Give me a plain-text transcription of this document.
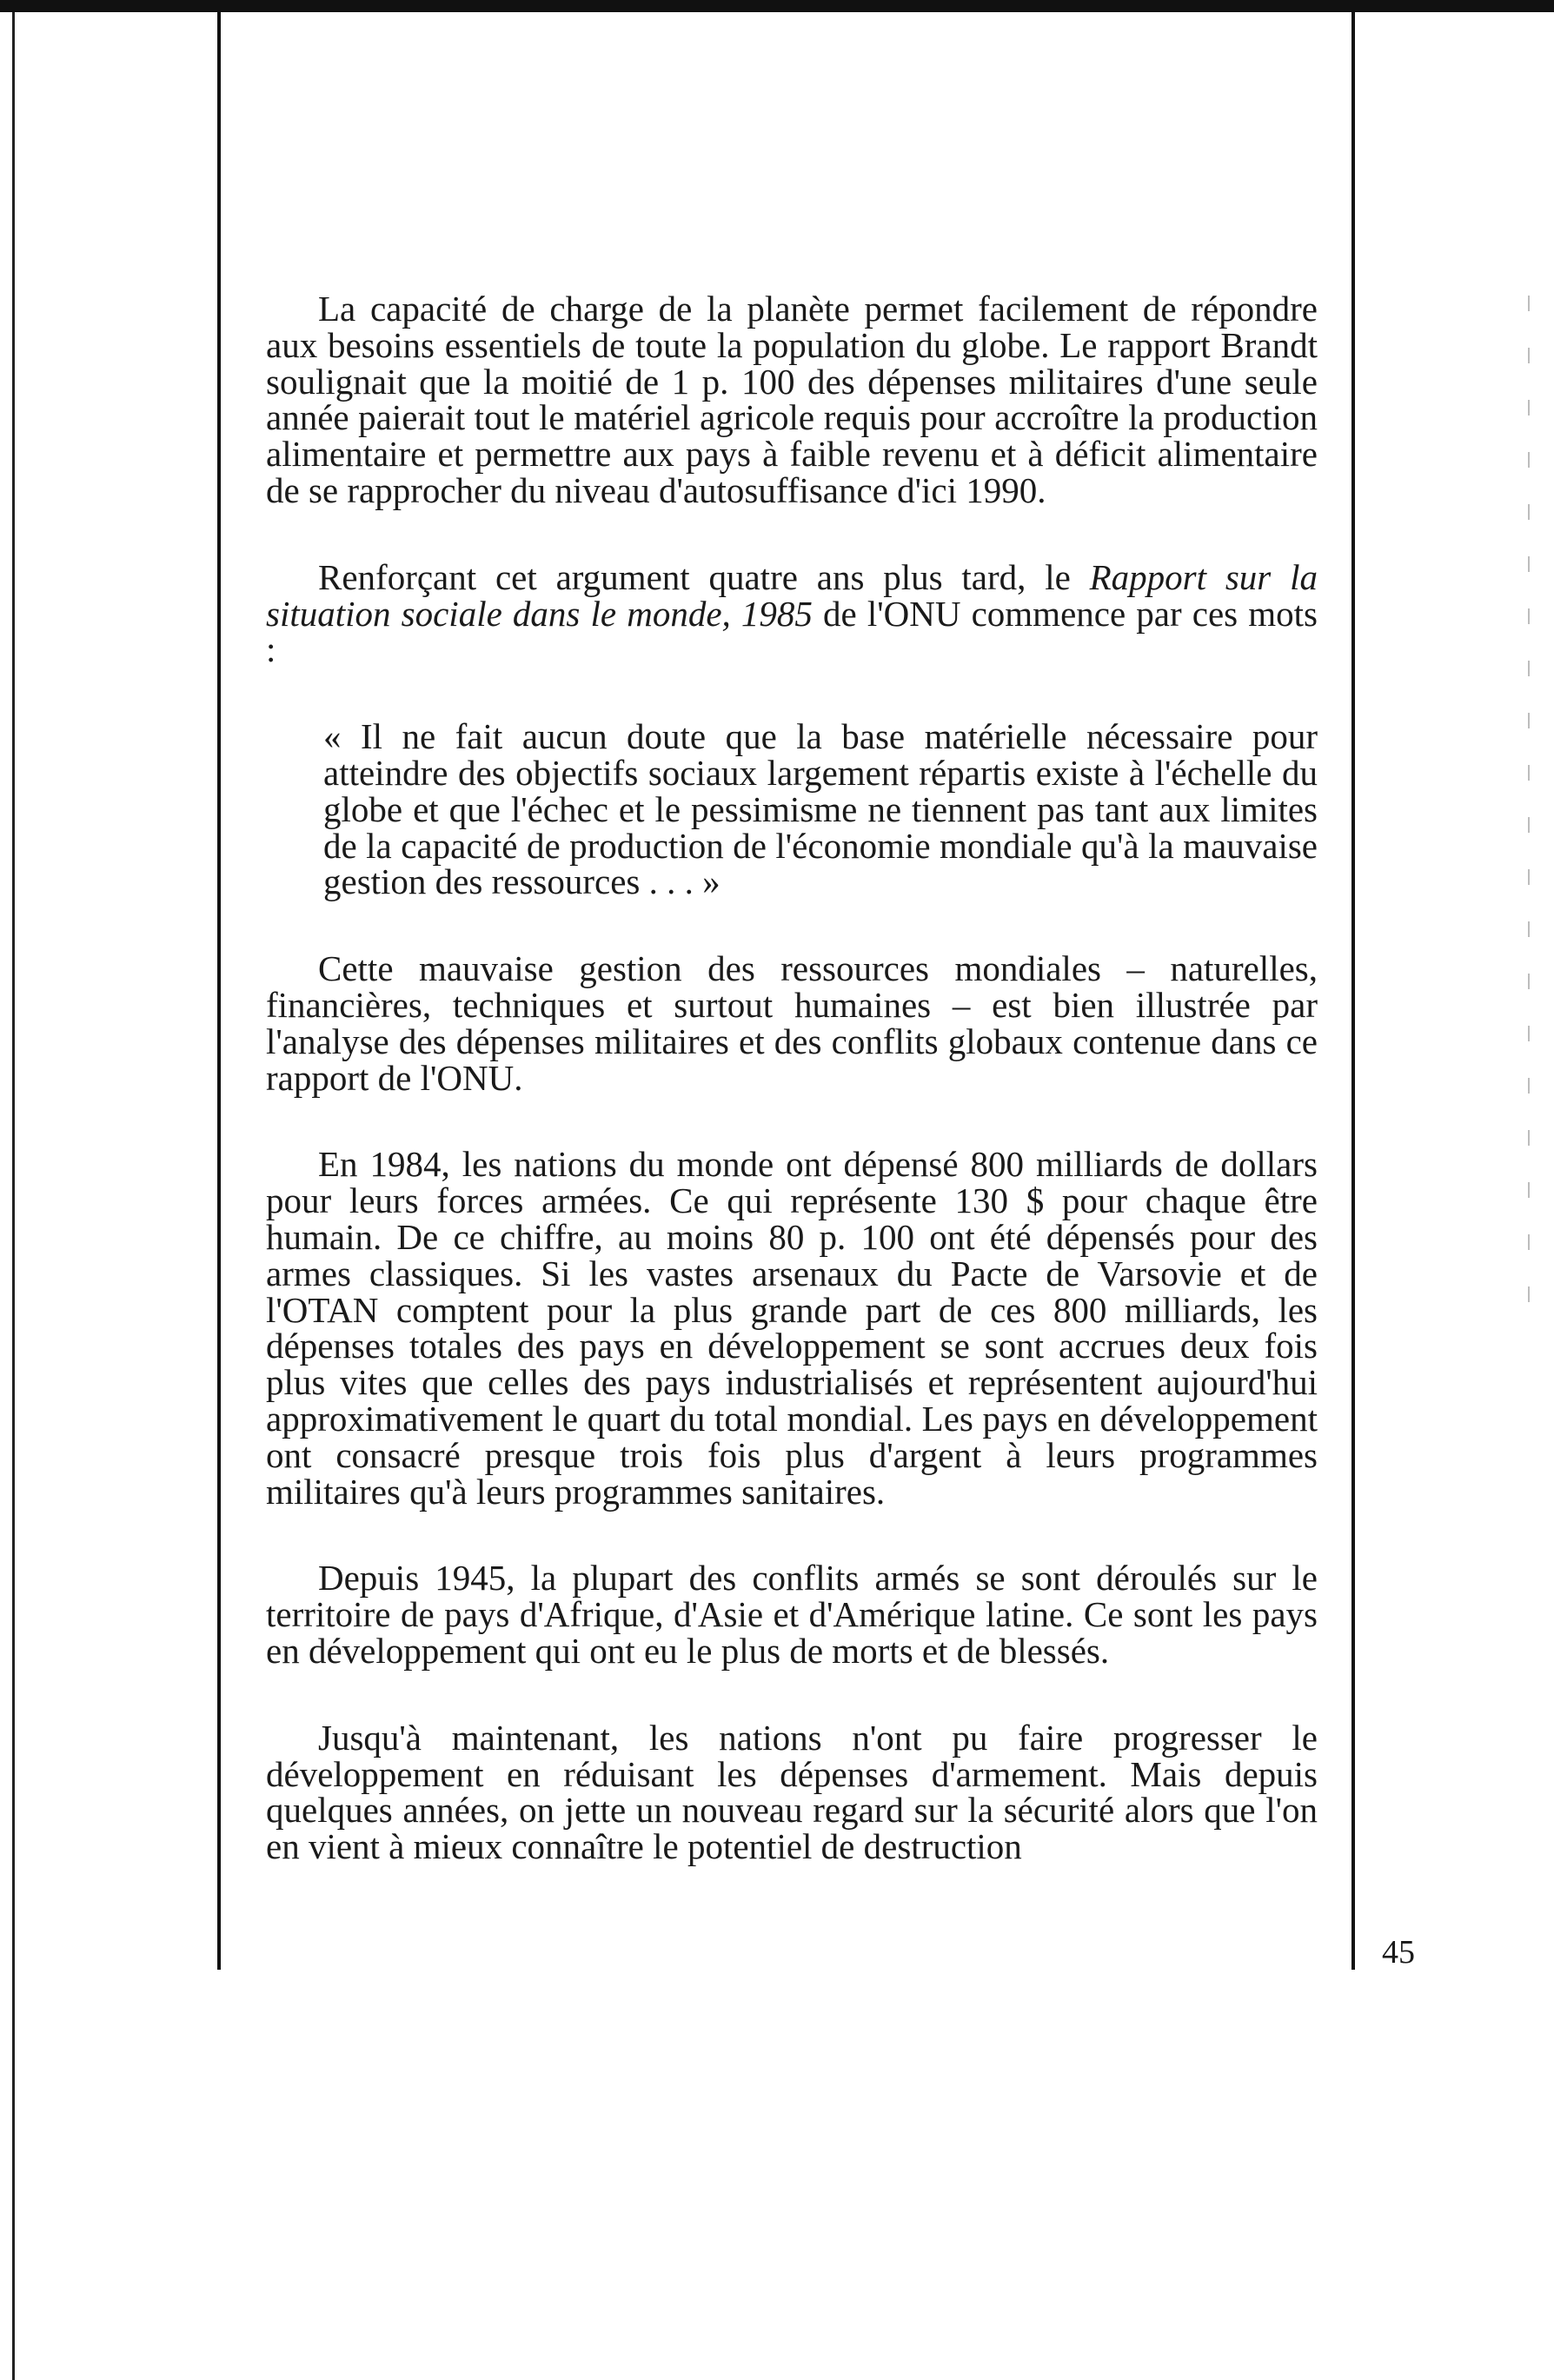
La capacité de charge de la planète permet facilement de répondre aux besoins essentiels de toute la population du globe. Le rapport Brandt soulignait que la moitié de 1 p. 100 des dépenses militaires d'une seule année paierait tout le matériel agricole requis pour accroître la production alimentaire et permettre aux pays à faible revenu et à déficit alimentaire de se rapprocher du niveau d'autosuffisance d'ici 1990.

Renforçant cet argument quatre ans plus tard, le Rapport sur la situation sociale dans le monde, 1985 de l'ONU commence par ces mots :

« Il ne fait aucun doute que la base matérielle nécessaire pour atteindre des objectifs sociaux largement répartis existe à l'échelle du globe et que l'échec et le pessimisme ne tiennent pas tant aux limites de la capacité de production de l'économie mondiale qu'à la mauvaise gestion des ressources . . . »

Cette mauvaise gestion des ressources mondiales – naturelles, financières, techniques et surtout humaines – est bien illustrée par l'analyse des dépenses militaires et des conflits globaux contenue dans ce rapport de l'ONU.

En 1984, les nations du monde ont dépensé 800 milliards de dollars pour leurs forces armées. Ce qui représente 130 $ pour chaque être humain. De ce chiffre, au moins 80 p. 100 ont été dépensés pour des armes classiques. Si les vastes arsenaux du Pacte de Varsovie et de l'OTAN comptent pour la plus grande part de ces 800 milliards, les dépenses totales des pays en développement se sont accrues deux fois plus vites que celles des pays industrialisés et représentent aujourd'hui approximativement le quart du total mondial. Les pays en développement ont consacré presque trois fois plus d'argent à leurs programmes militaires qu'à leurs programmes sanitaires.

Depuis 1945, la plupart des conflits armés se sont déroulés sur le territoire de pays d'Afrique, d'Asie et d'Amérique latine. Ce sont les pays en développement qui ont eu le plus de morts et de blessés.

Jusqu'à maintenant, les nations n'ont pu faire progresser le développement en réduisant les dépenses d'armement. Mais depuis quelques années, on jette un nouveau regard sur la sécurité alors que l'on en vient à mieux connaître le potentiel de destruction

45
